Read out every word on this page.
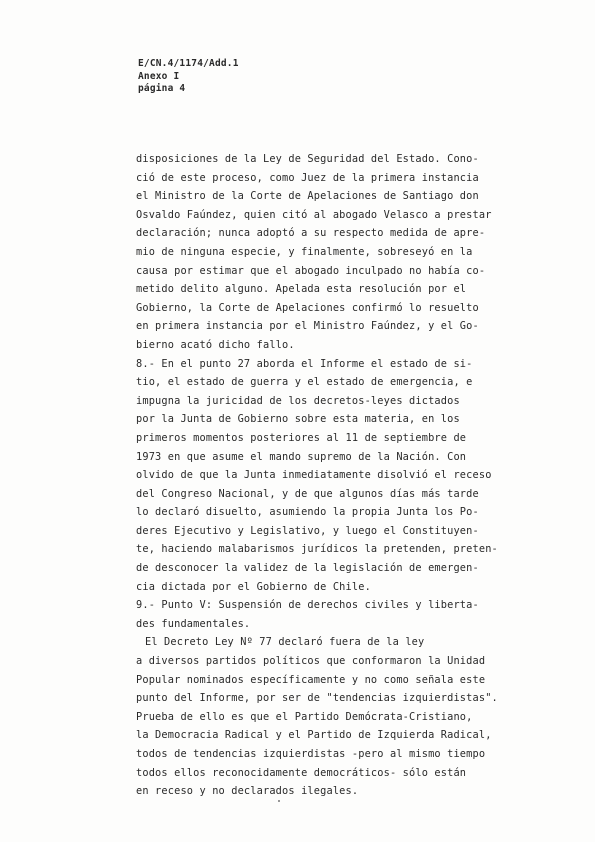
E/CN.4/1174/Add.1
Anexo I
página 4
disposiciones de la Ley de Seguridad del Estado. Cono-
ció de este proceso, como Juez de la primera instancia
el Ministro de la Corte de Apelaciones de Santiago don
Osvaldo Faúndez, quien citó al abogado Velasco a prestar
declaración; nunca adoptó a su respecto medida de apre-
mio de ninguna especie, y finalmente, sobreseyó en la
causa por estimar que el abogado inculpado no había co-
metido delito alguno. Apelada esta resolución por el
Gobierno, la Corte de Apelaciones confirmó lo resuelto
en primera instancia por el Ministro Faúndez, y el Go-
bierno acató dicho fallo.
8.- En el punto 27 aborda el Informe el estado de si-
tio, el estado de guerra y el estado de emergencia, e
impugna la juricidad de los decretos-leyes dictados
por la Junta de Gobierno sobre esta materia, en los
primeros momentos posteriores al 11 de septiembre de
1973 en que asume el mando supremo de la Nación. Con
olvido de que la Junta inmediatamente disolvió el receso
del Congreso Nacional, y de que algunos días más tarde
lo declaró disuelto, asumiendo la propia Junta los Po-
deres Ejecutivo y Legislativo, y luego el Constituyen-
te, haciendo malabarismos jurídicos la pretenden, preten-
de desconocer la validez de la legislación de emergen-
cia dictada por el Gobierno de Chile.
9.- Punto V: Suspensión de derechos civiles y liberta-
des fundamentales.
El Decreto Ley Nº 77 declaró fuera de la ley
a diversos partidos políticos que conformaron la Unidad
Popular nominados específicamente y no como señala este
punto del Informe, por ser de "tendencias izquierdistas".
Prueba de ello es que el Partido Demócrata-Cristiano,
la Democracia Radical y el Partido de Izquierda Radical,
todos de tendencias izquierdistas -pero al mismo tiempo
todos ellos reconocidamente democráticos- sólo están
en receso y no declarados ilegales.
